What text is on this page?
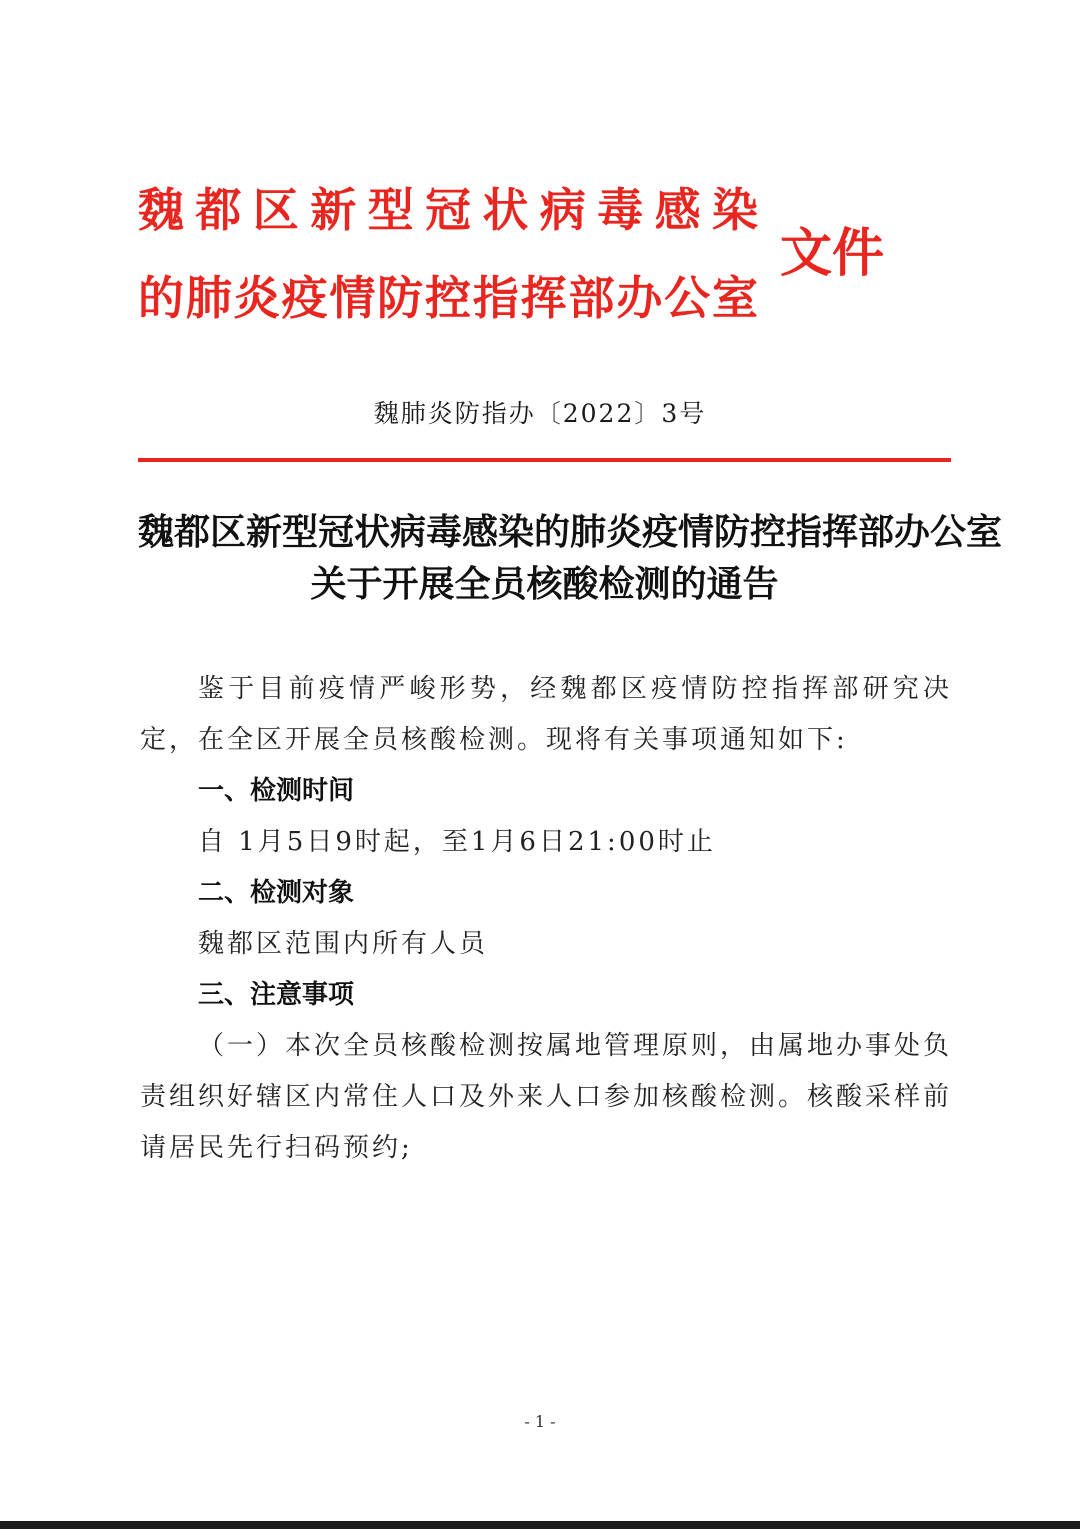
魏都区新型冠状病毒感染
的肺炎疫情防控指挥部办公室
文件
魏肺炎防指办〔2022〕3号
魏都区新型冠状病毒感染的肺炎疫情防控指挥部办公室
关于开展全员核酸检测的通告

鉴于目前疫情严峻形势，经魏都区疫情防控指挥部研究决定，在全区开展全员核酸检测。现将有关事项通知如下:

一、检测时间

自 1月5日9时起，至1月6日21:00时止

二、检测对象

魏都区范围内所有人员

三、注意事项

（一）本次全员核酸检测按属地管理原则，由属地办事处负责组织好辖区内常住人口及外来人口参加核酸检测。核酸采样前请居民先行扫码预约;

- 1 -
